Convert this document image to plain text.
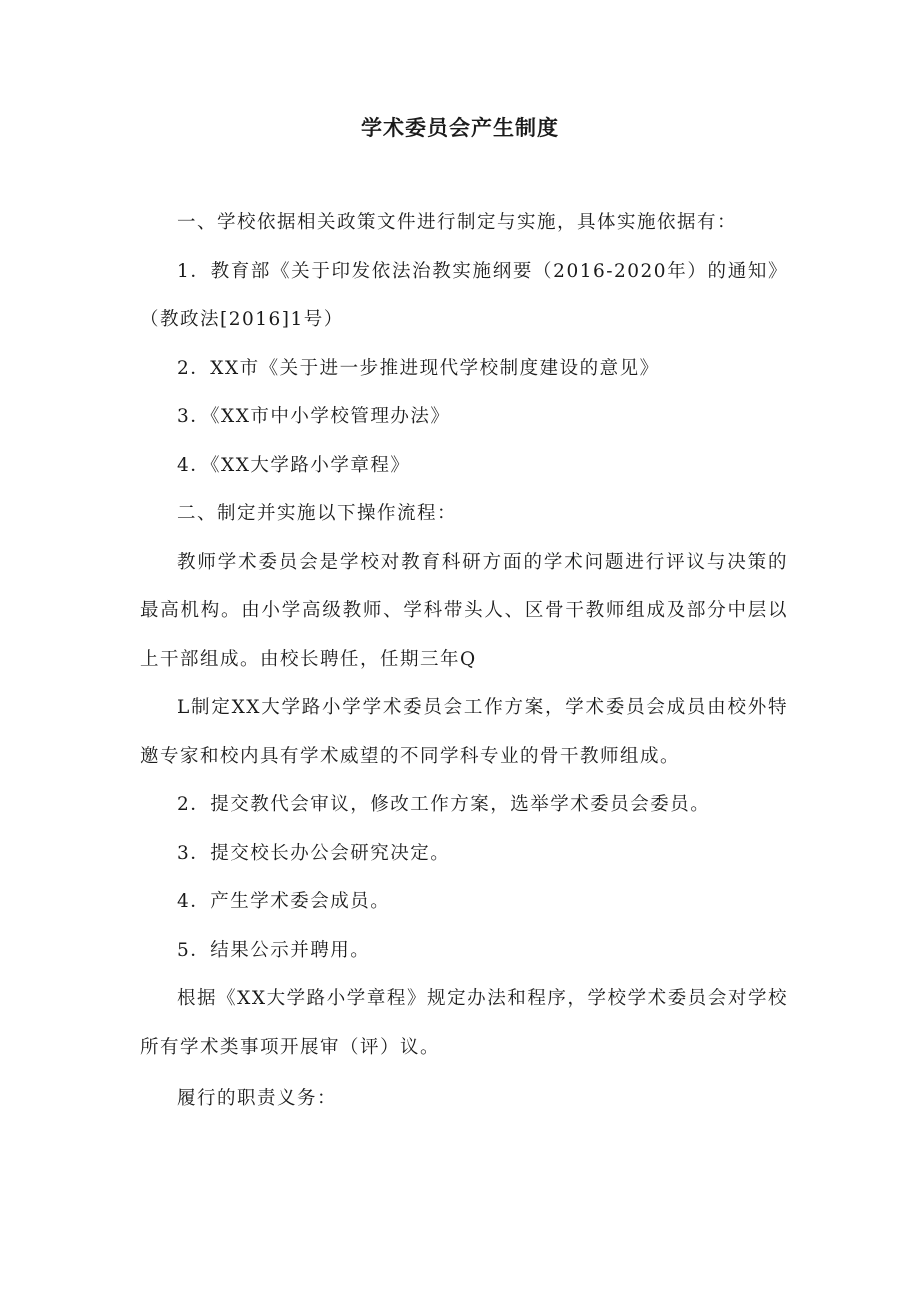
学术委员会产生制度

一、学校依据相关政策文件进行制定与实施，具体实施依据有：

1．教育部《关于印发依法治教实施纲要（2016-2020年）的通知》（教政法[2016]1号）

2．XX市《关于进一步推进现代学校制度建设的意见》

3．《XX市中小学校管理办法》

4．《XX大学路小学章程》

二、制定并实施以下操作流程：

教师学术委员会是学校对教育科研方面的学术问题进行评议与决策的最高机构。由小学高级教师、学科带头人、区骨干教师组成及部分中层以上干部组成。由校长聘任，任期三年Q

L制定XX大学路小学学术委员会工作方案，学术委员会成员由校外特邀专家和校内具有学术威望的不同学科专业的骨干教师组成。

2．提交教代会审议，修改工作方案，选举学术委员会委员。

3．提交校长办公会研究决定。

4．产生学术委会成员。

5．结果公示并聘用。

根据《XX大学路小学章程》规定办法和程序，学校学术委员会对学校所有学术类事项开展审（评）议。

履行的职责义务：
